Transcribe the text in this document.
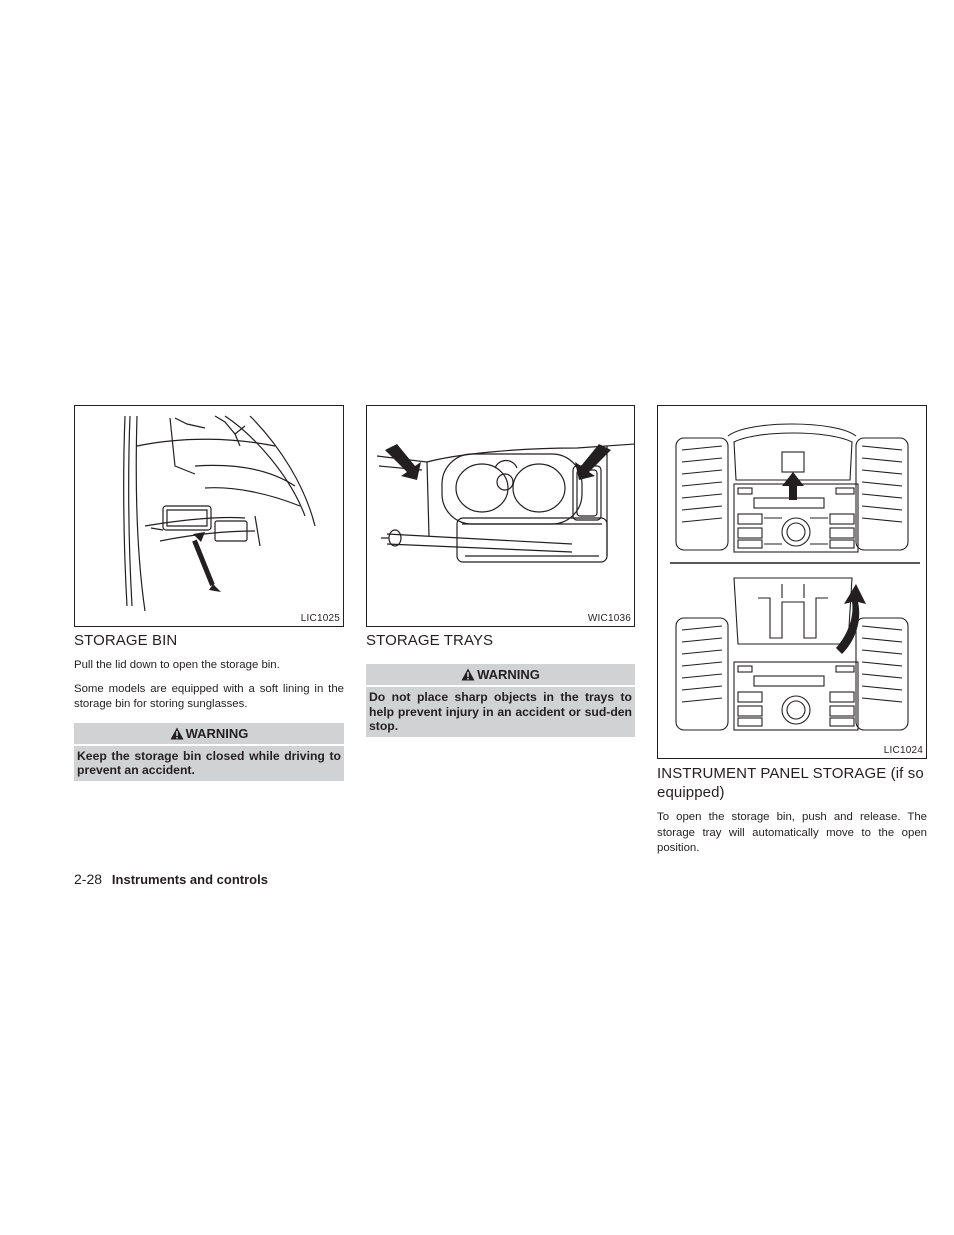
LIC1025
STORAGE BIN

Pull the lid down to open the storage bin.

Some models are equipped with a soft lining in the storage bin for storing sunglasses.

WARNING
Keep the storage bin closed while driving to prevent an accident.
WIC1036
STORAGE TRAYS
WARNING
Do not place sharp objects in the trays to help prevent injury in an accident or sud-den stop.
LIC1024
INSTRUMENT PANEL STORAGE (if so equipped)

To open the storage bin, push and release. The storage tray will automatically move to the open position.

2-28 Instruments and controls
